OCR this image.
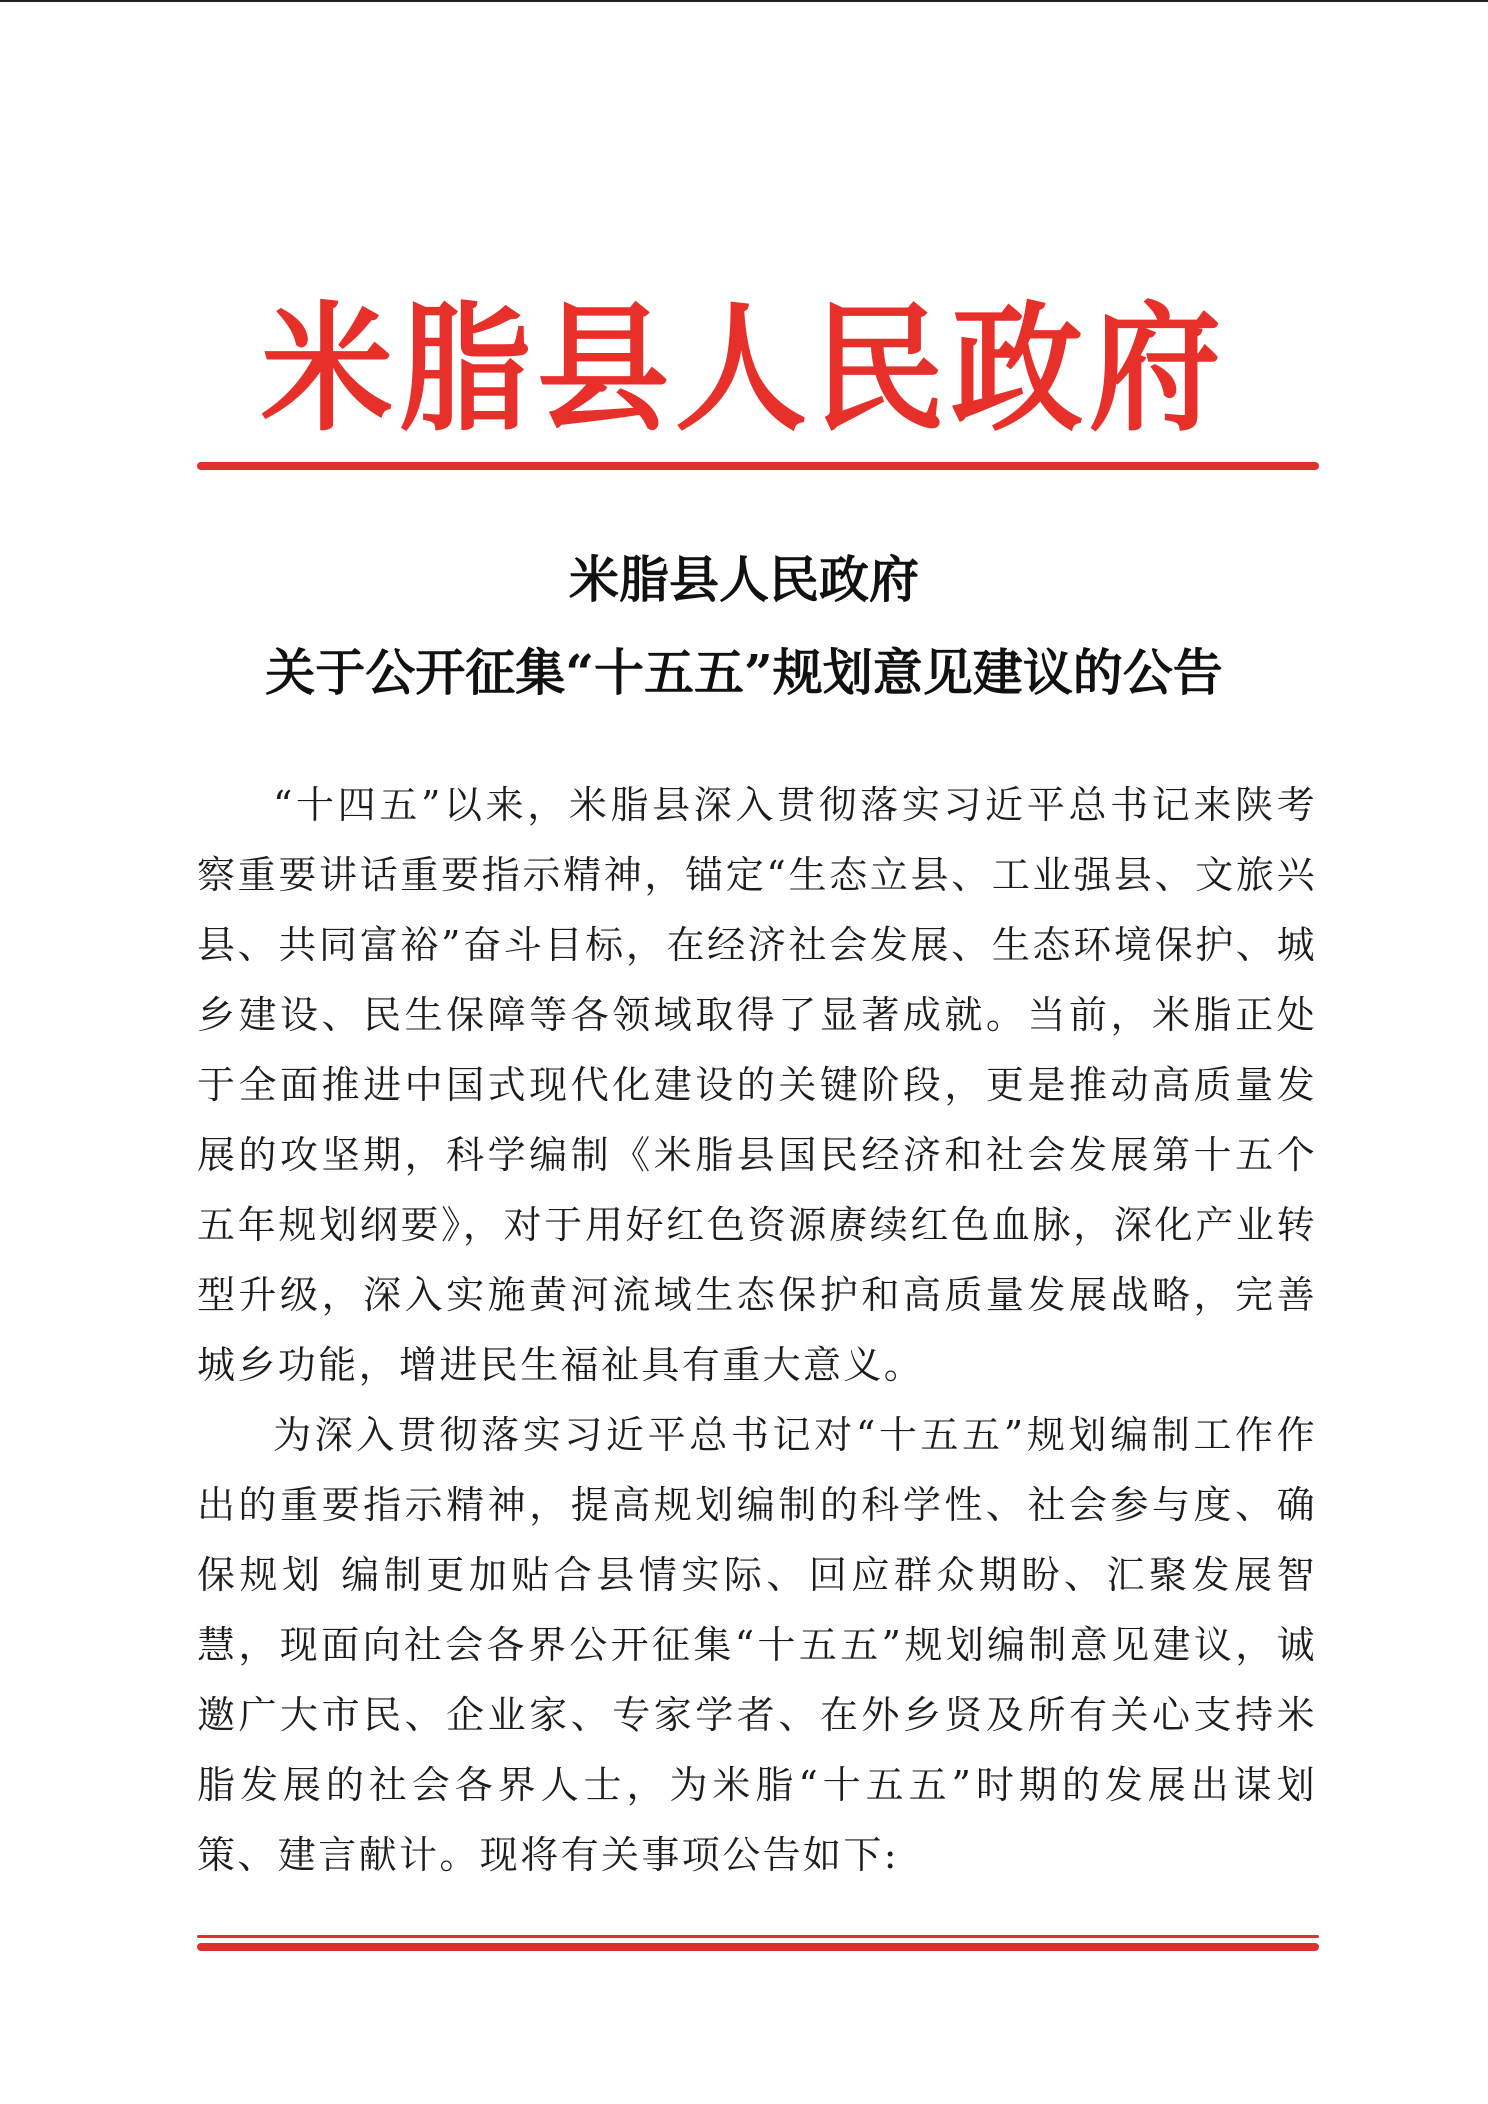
米脂县人民政府
米脂县人民政府
关于公开征集“十五五”规划意见建议的公告

“十四五”以来，米脂县深入贯彻落实习近平总书记来陕考察重要讲话重要指示精神，锚定“生态立县、工业强县、文旅兴县、共同富裕”奋斗目标，在经济社会发展、生态环境保护、城乡建设、民生保障等各领域取得了显著成就。当前，米脂正处于全面推进中国式现代化建设的关键阶段，更是推动高质量发展的攻坚期，科学编制《米脂县国民经济和社会发展第十五个五年规划纲要》，对于用好红色资源赓续红色血脉，深化产业转型升级，深入实施黄河流域生态保护和高质量发展战略，完善城乡功能，增进民生福祉具有重大意义。

为深入贯彻落实习近平总书记对“十五五”规划编制工作作出的重要指示精神，提高规划编制的科学性、社会参与度、确保规划 编制更加贴合县情实际、回应群众期盼、汇聚发展智慧，现面向社会各界公开征集“十五五”规划编制意见建议，诚邀广大市民、企业家、专家学者、在外乡贤及所有关心支持米脂发展的社会各界人士，为米脂“十五五”时期的发展出谋划策、建言献计。现将有关事项公告如下:
